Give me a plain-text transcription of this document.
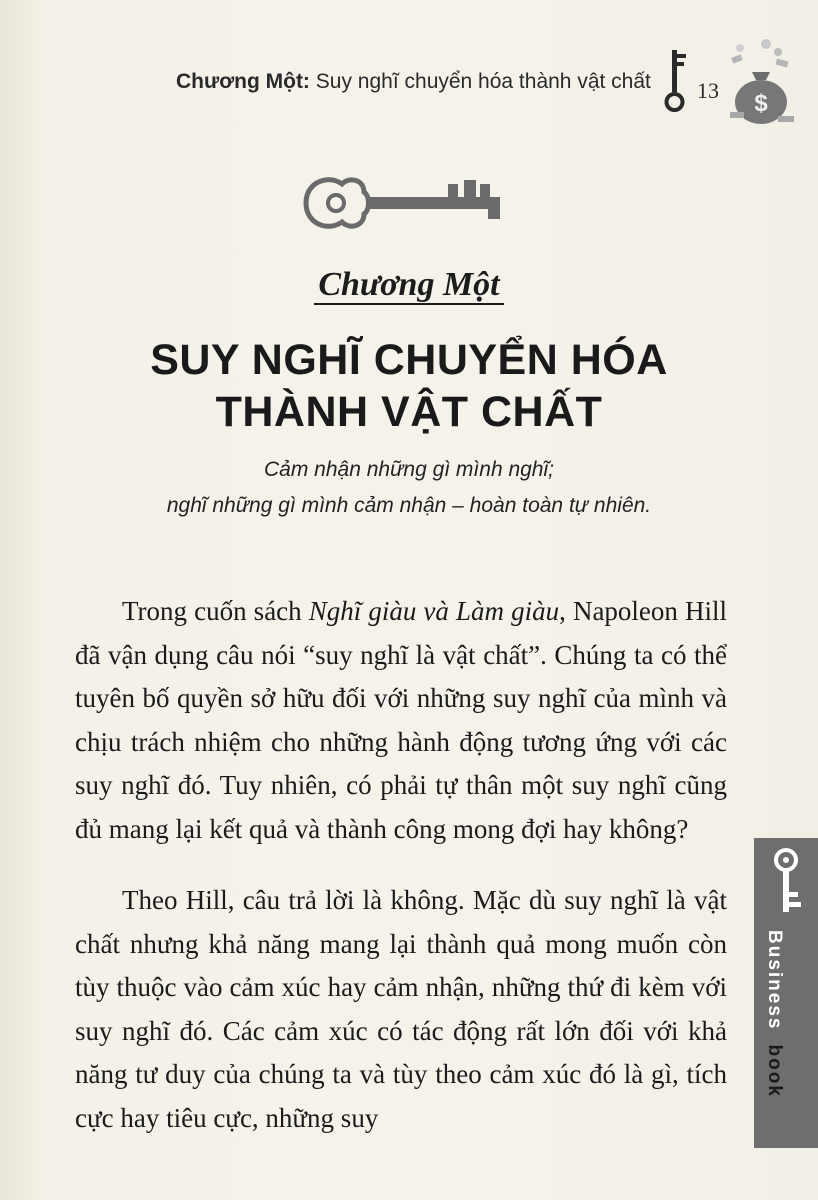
Chương Một: Suy nghĩ chuyển hóa thành vật chất 13 $
Chương Một
SUY NGHĨ CHUYỂN HÓA
THÀNH VẬT CHẤT
Cảm nhận những gì mình nghĩ;
nghĩ những gì mình cảm nhận – hoàn toàn tự nhiên.

Trong cuốn sách Nghĩ giàu và Làm giàu, Napoleon Hill đã vận dụng câu nói “suy nghĩ là vật chất”. Chúng ta có thể tuyên bố quyền sở hữu đối với những suy nghĩ của mình và chịu trách nhiệm cho những hành động tương ứng với các suy nghĩ đó. Tuy nhiên, có phải tự thân một suy nghĩ cũng đủ mang lại kết quả và thành công mong đợi hay không?

Theo Hill, câu trả lời là không. Mặc dù suy nghĩ là vật chất nhưng khả năng mang lại thành quả mong muốn còn tùy thuộc vào cảm xúc hay cảm nhận, những thứ đi kèm với suy nghĩ đó. Các cảm xúc có tác động rất lớn đối với khả năng tư duy của chúng ta và tùy theo cảm xúc đó là gì, tích cực hay tiêu cực, những suy

Businessbook
